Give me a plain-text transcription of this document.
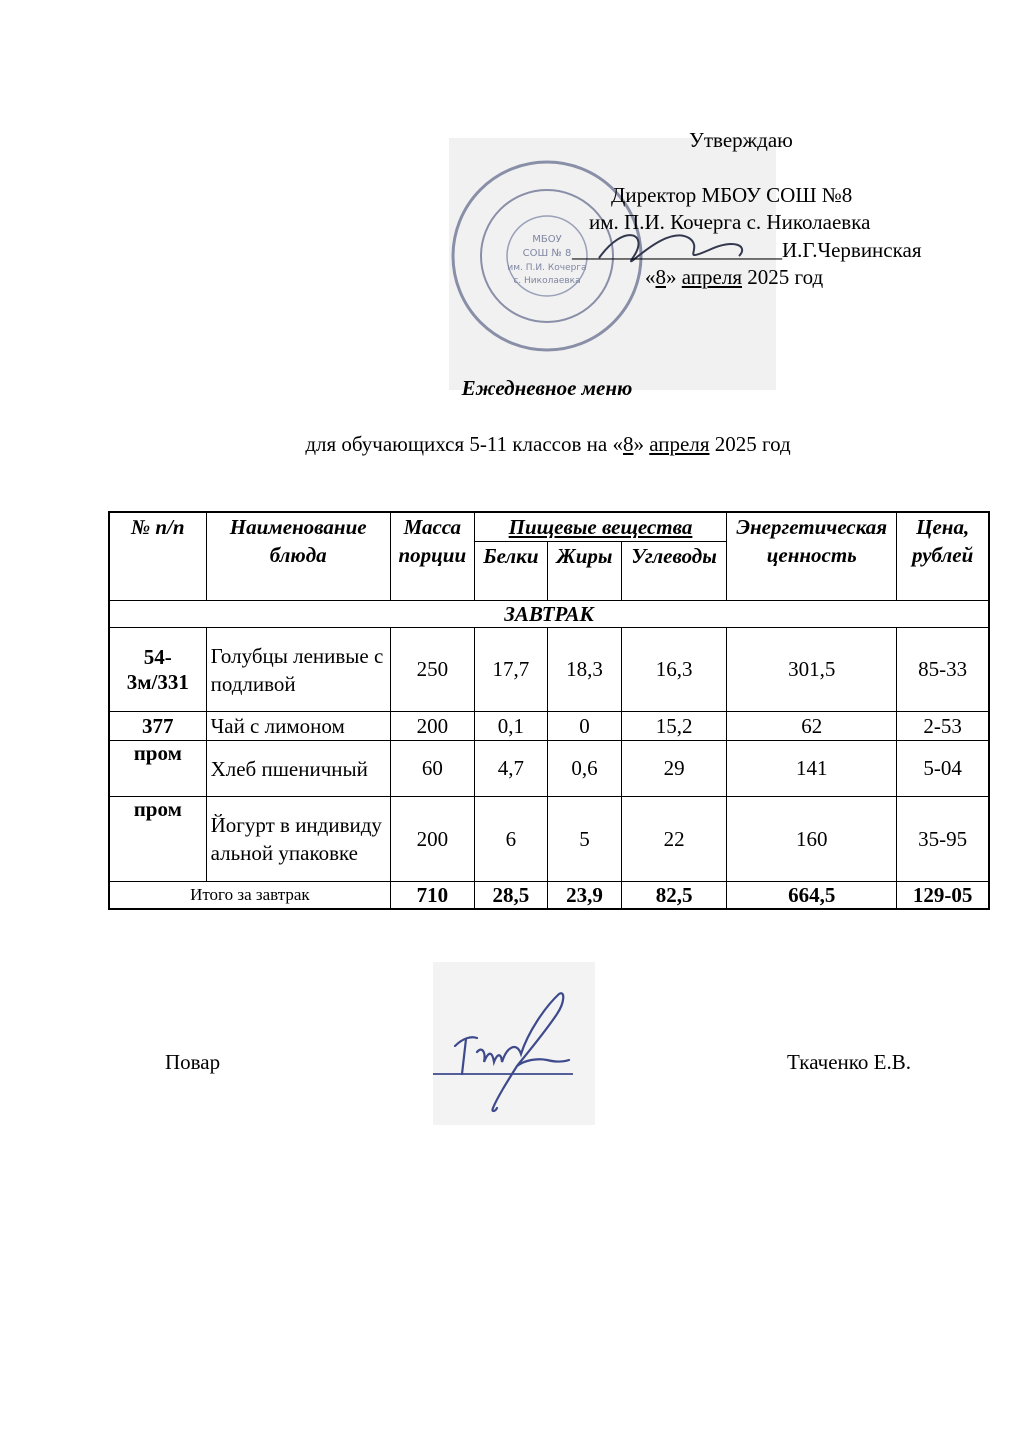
МБОУ
СОШ № 8
им. П.И. Кочерга
с. Николаевка
Утверждаю
Директор МБОУ СОШ №8
им. П.И. Кочерга с. Николаевка
____________________И.Г.Червинская
«8» апреля 2025 год
Ежедневное меню
для обучающихся 5-11 классов на «8» апреля 2025 год
№ п/п	Наименование блюда	Масса порции	Пищевые вещества			Энергетическая ценность	Цена, рублей
			Белки	Жиры	Углеводы		
ЗАВТРАК							
54-3м/331	Голубцы ленивые с подливой	250	17,7	18,3	16,3	301,5	85-33
377	Чай с лимоном	200	0,1	0	15,2	62	2-53
пром	Хлеб пшеничный	60	4,7	0,6	29	141	5-04
пром	Йогурт в индивидуальной упаковке	200	6	5	22	160	35-95
Итого за завтрак		710	28,5	23,9	82,5	664,5	129-05
Повар	Ткаченко Е.В.
